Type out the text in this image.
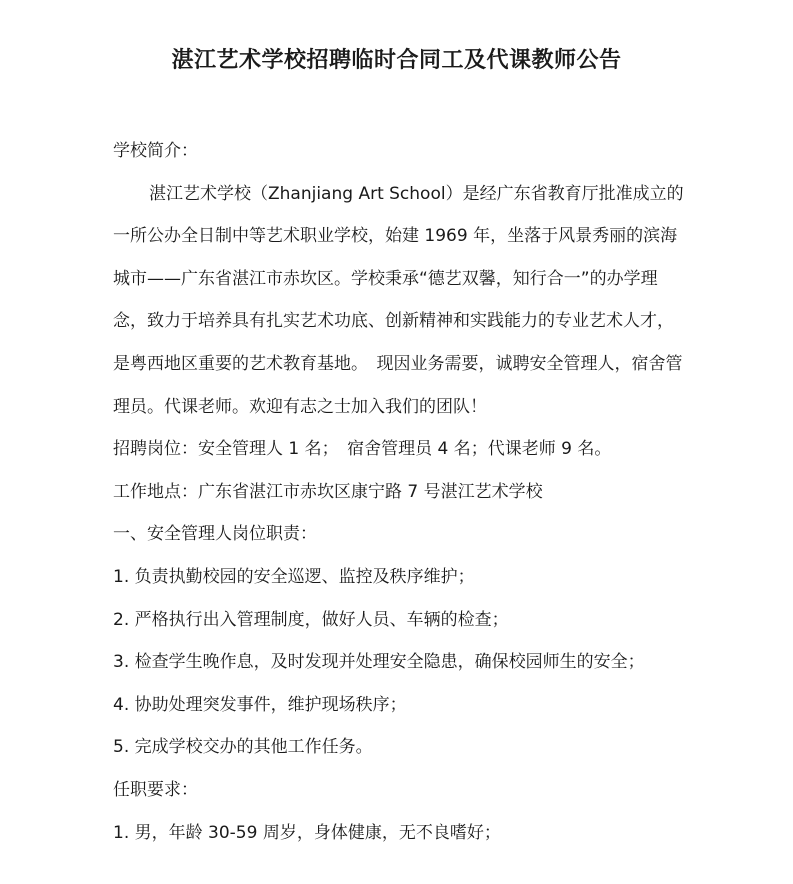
湛江艺术学校招聘临时合同工及代课教师公告

学校简介：

湛江艺术学校（Zhanjiang Art School）是经广东省教育厅批准成立的一所公办全日制中等艺术职业学校，始建 1969 年，坐落于风景秀丽的滨海城市——广东省湛江市赤坎区。学校秉承“德艺双馨，知行合一”的办学理念，致力于培养具有扎实艺术功底、创新精神和实践能力的专业艺术人才，是粤西地区重要的艺术教育基地。　现因业务需要，诚聘安全管理人，宿舍管理员。代课老师。欢迎有志之士加入我们的团队！

招聘岗位：安全管理人 1 名；　宿舍管理员 4 名；代课老师 9 名。

工作地点：广东省湛江市赤坎区康宁路 7 号湛江艺术学校

一、安全管理人岗位职责：

1. 负责执勤校园的安全巡逻、监控及秩序维护；

2. 严格执行出入管理制度，做好人员、车辆的检查；

3. 检查学生晚作息，及时发现并处理安全隐患，确保校园师生的安全；

4. 协助处理突发事件，维护现场秩序；

5. 完成学校交办的其他工作任务。

任职要求：

1. 男，年龄 30-59 周岁，身体健康，无不良嗜好；
